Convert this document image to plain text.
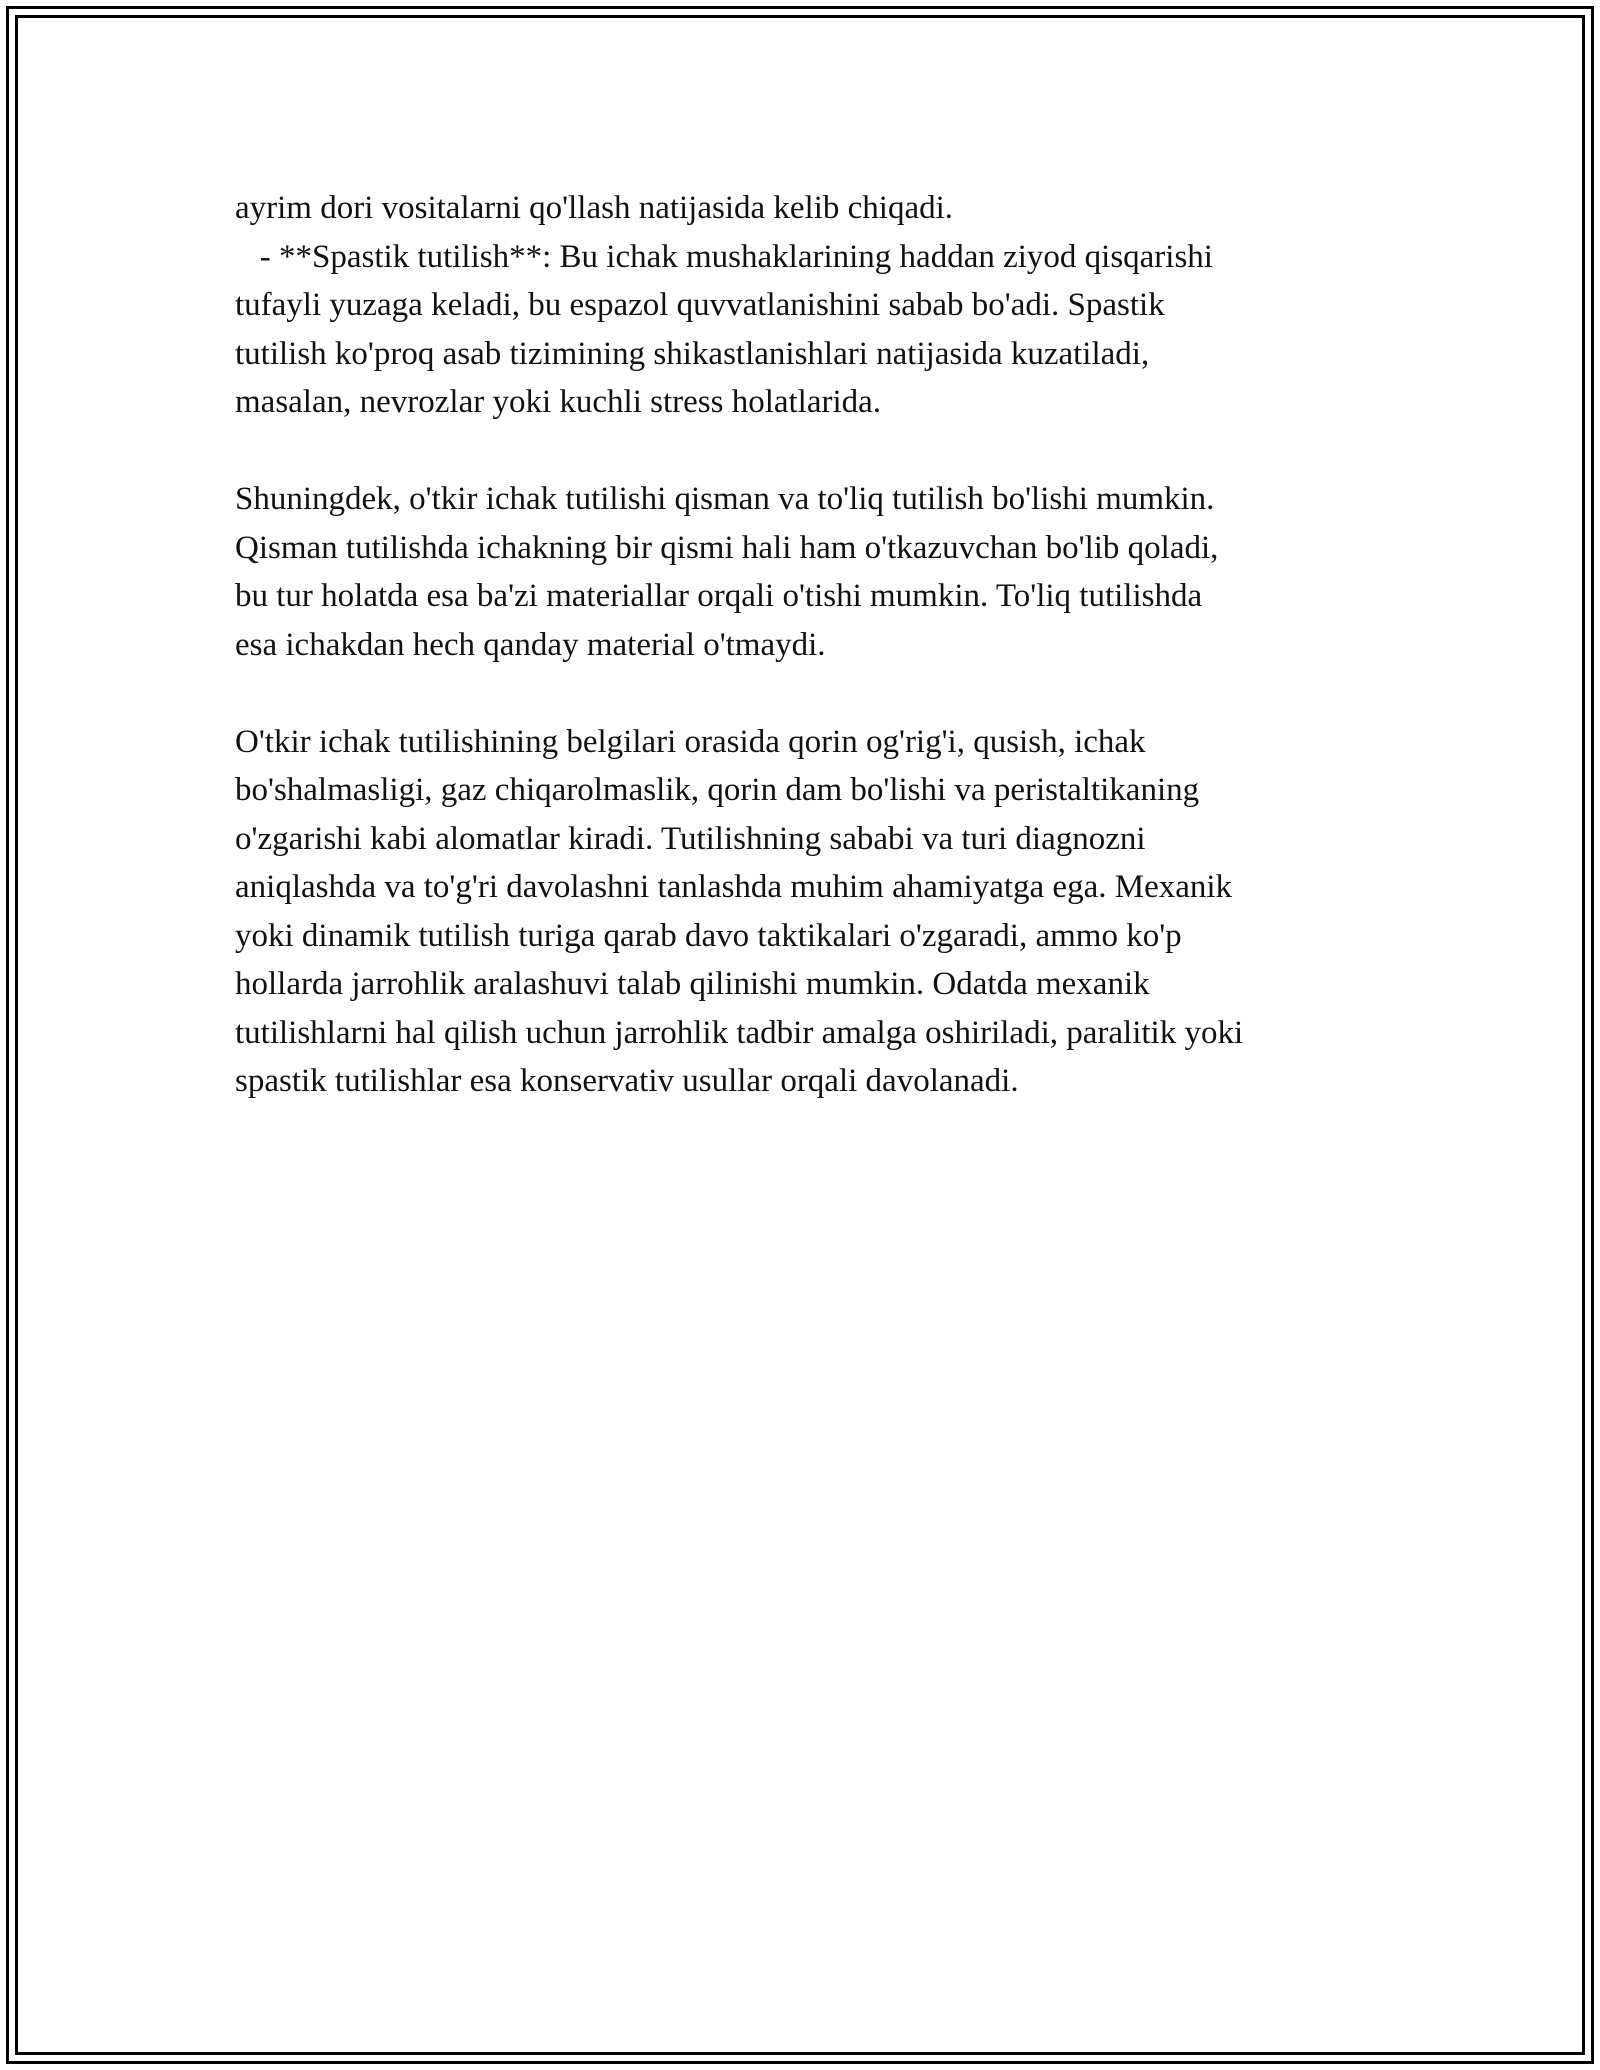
ayrim dori vositalarni qo'llash natijasida kelib chiqadi.
- **Spastik tutilish**: Bu ichak mushaklarining haddan ziyod qisqarishi
tufayli yuzaga keladi, bu espazol quvvatlanishini sabab bo'adi. Spastik
tutilish ko'proq asab tizimining shikastlanishlari natijasida kuzatiladi,
masalan, nevrozlar yoki kuchli stress holatlarida.
Shuningdek, o'tkir ichak tutilishi qisman va to'liq tutilish bo'lishi mumkin.
Qisman tutilishda ichakning bir qismi hali ham o'tkazuvchan bo'lib qoladi,
bu tur holatda esa ba'zi materiallar orqali o'tishi mumkin. To'liq tutilishda
esa ichakdan hech qanday material o'tmaydi.
O'tkir ichak tutilishining belgilari orasida qorin og'rig'i, qusish, ichak
bo'shalmasligi, gaz chiqarolmaslik, qorin dam bo'lishi va peristaltikaning
o'zgarishi kabi alomatlar kiradi. Tutilishning sababi va turi diagnozni
aniqlashda va to'g'ri davolashni tanlashda muhim ahamiyatga ega. Mexanik
yoki dinamik tutilish turiga qarab davo taktikalari o'zgaradi, ammo ko'p
hollarda jarrohlik aralashuvi talab qilinishi mumkin. Odatda mexanik
tutilishlarni hal qilish uchun jarrohlik tadbir amalga oshiriladi, paralitik yoki
spastik tutilishlar esa konservativ usullar orqali davolanadi.
